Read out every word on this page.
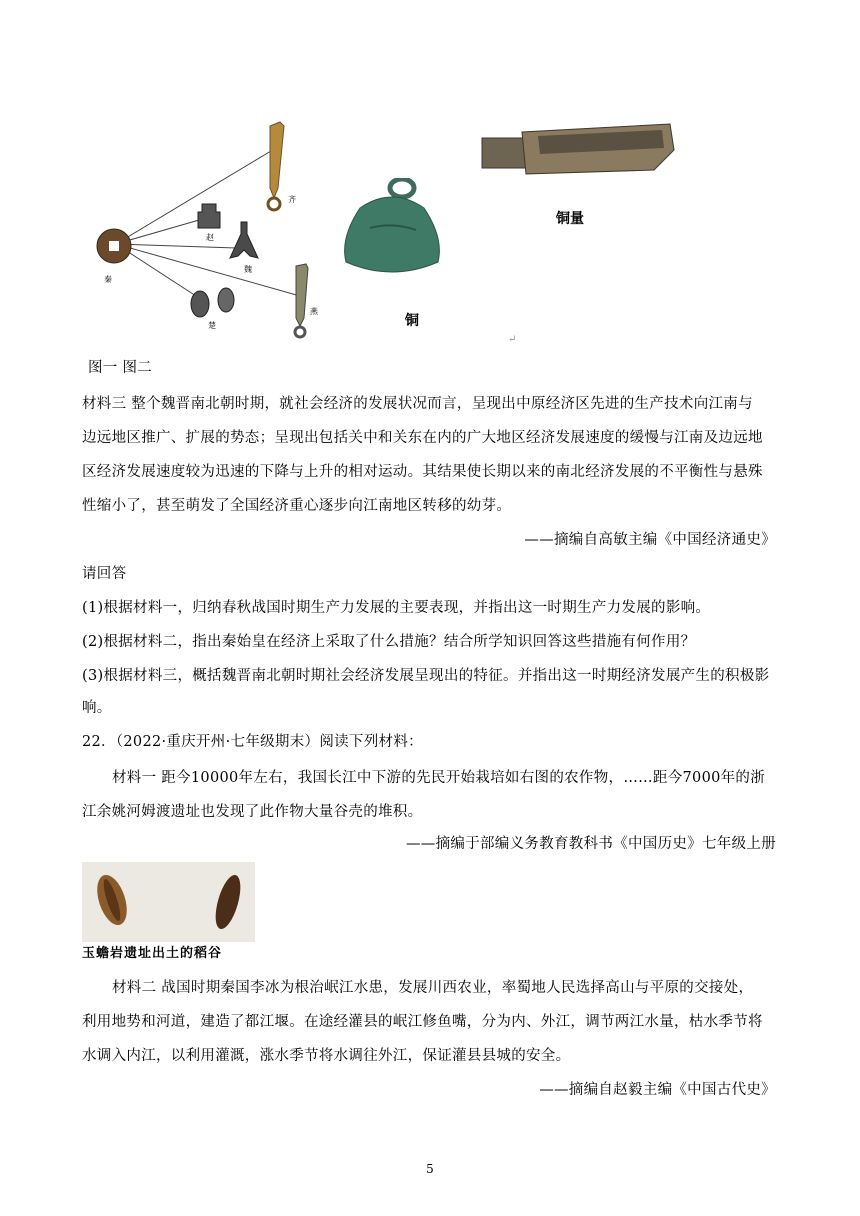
秦
赵
魏
齐
楚
燕
铜
铜量
↵
图一 图二
材料三 整个魏晋南北朝时期，就社会经济的发展状况而言，呈现出中原经济区先进的生产技术向江南与
边远地区推广、扩展的势态；呈现出包括关中和关东在内的广大地区经济发展速度的缓慢与江南及边远地
区经济发展速度较为迅速的下降与上升的相对运动。其结果使长期以来的南北经济发展的不平衡性与悬殊
性缩小了，甚至萌发了全国经济重心逐步向江南地区转移的幼芽。
——摘编自高敏主编《中国经济通史》
请回答
(1)根据材料一，归纳春秋战国时期生产力发展的主要表现，并指出这一时期生产力发展的影响。
(2)根据材料二，指出秦始皇在经济上采取了什么措施？结合所学知识回答这些措施有何作用？
(3)根据材料三，概括魏晋南北朝时期社会经济发展呈现出的特征。并指出这一时期经济发展产生的积极影
响。
22．（2022·重庆开州·七年级期末）阅读下列材料：
材料一 距今10000年左右，我国长江中下游的先民开始栽培如右图的农作物，……距今7000年的浙
江余姚河姆渡遗址也发现了此作物大量谷壳的堆积。
——摘编于部编义务教育教科书《中国历史》七年级上册
玉蟾岩遗址出土的稻谷
材料二 战国时期秦国李冰为根治岷江水患，发展川西农业，率蜀地人民选择高山与平原的交接处，
利用地势和河道，建造了都江堰。在途经灌县的岷江修鱼嘴，分为内、外江，调节两江水量，枯水季节将
水调入内江，以利用灌溉，涨水季节将水调往外江，保证灌县县城的安全。
——摘编自赵毅主编《中国古代史》
5
